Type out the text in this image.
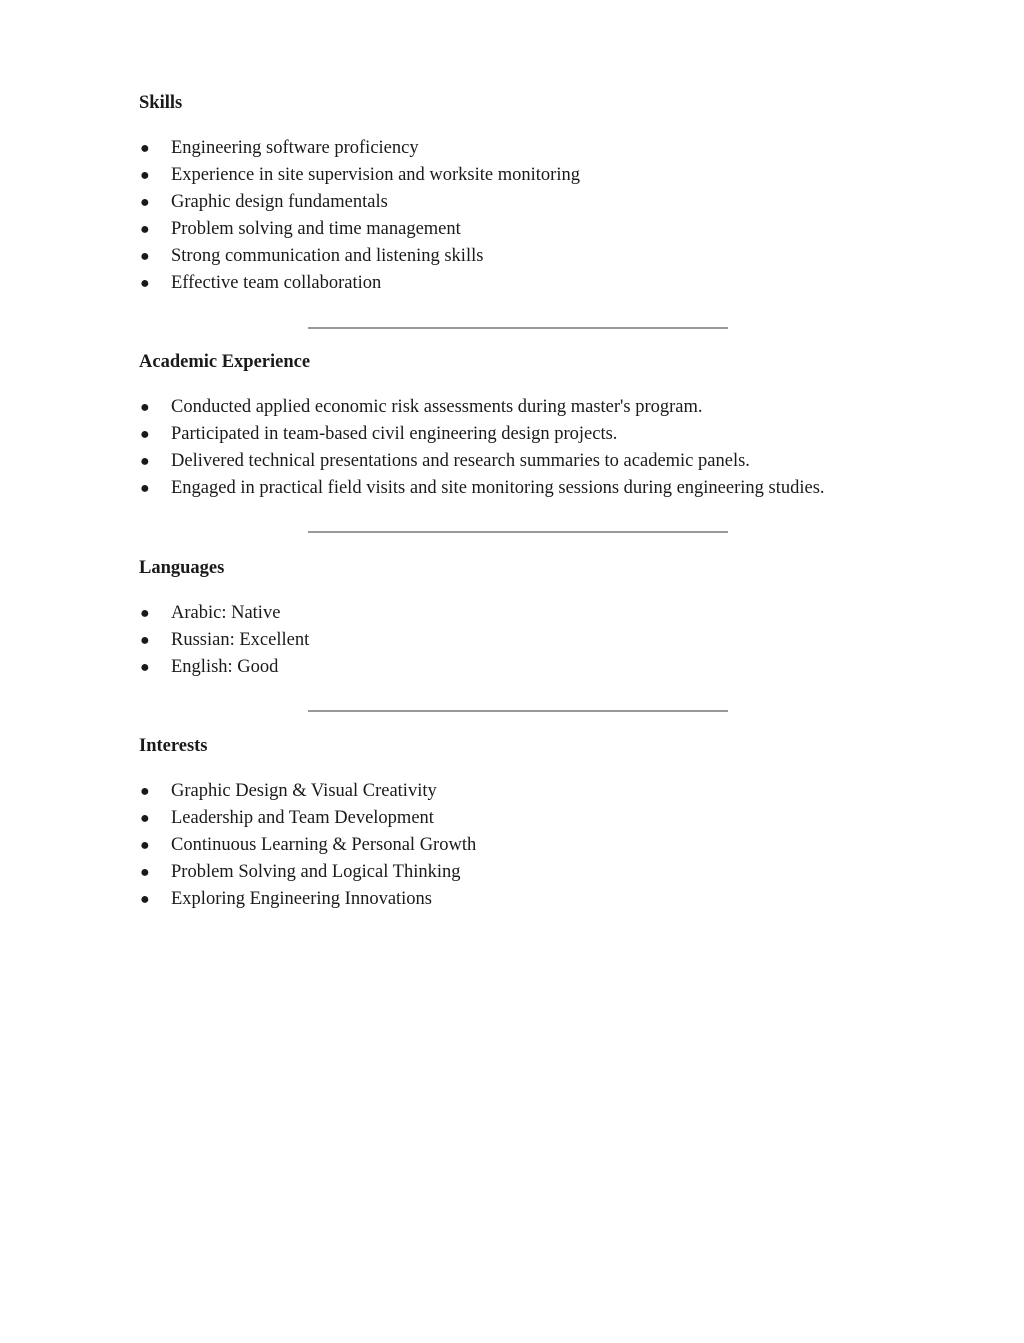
Skills
● Engineering software proficiency
● Experience in site supervision and worksite monitoring
● Graphic design fundamentals
● Problem solving and time management
● Strong communication and listening skills
● Effective team collaboration
__________________________________________
Academic Experience
● Conducted applied economic risk assessments during master's program.
● Participated in team-based civil engineering design projects.
● Delivered technical presentations and research summaries to academic panels.
● Engaged in practical field visits and site monitoring sessions during engineering studies.
__________________________________________
Languages
● Arabic: Native
● Russian: Excellent
● English: Good
__________________________________________
Interests
● Graphic Design & Visual Creativity
● Leadership and Team Development
● Continuous Learning & Personal Growth
● Problem Solving and Logical Thinking
● Exploring Engineering Innovations
